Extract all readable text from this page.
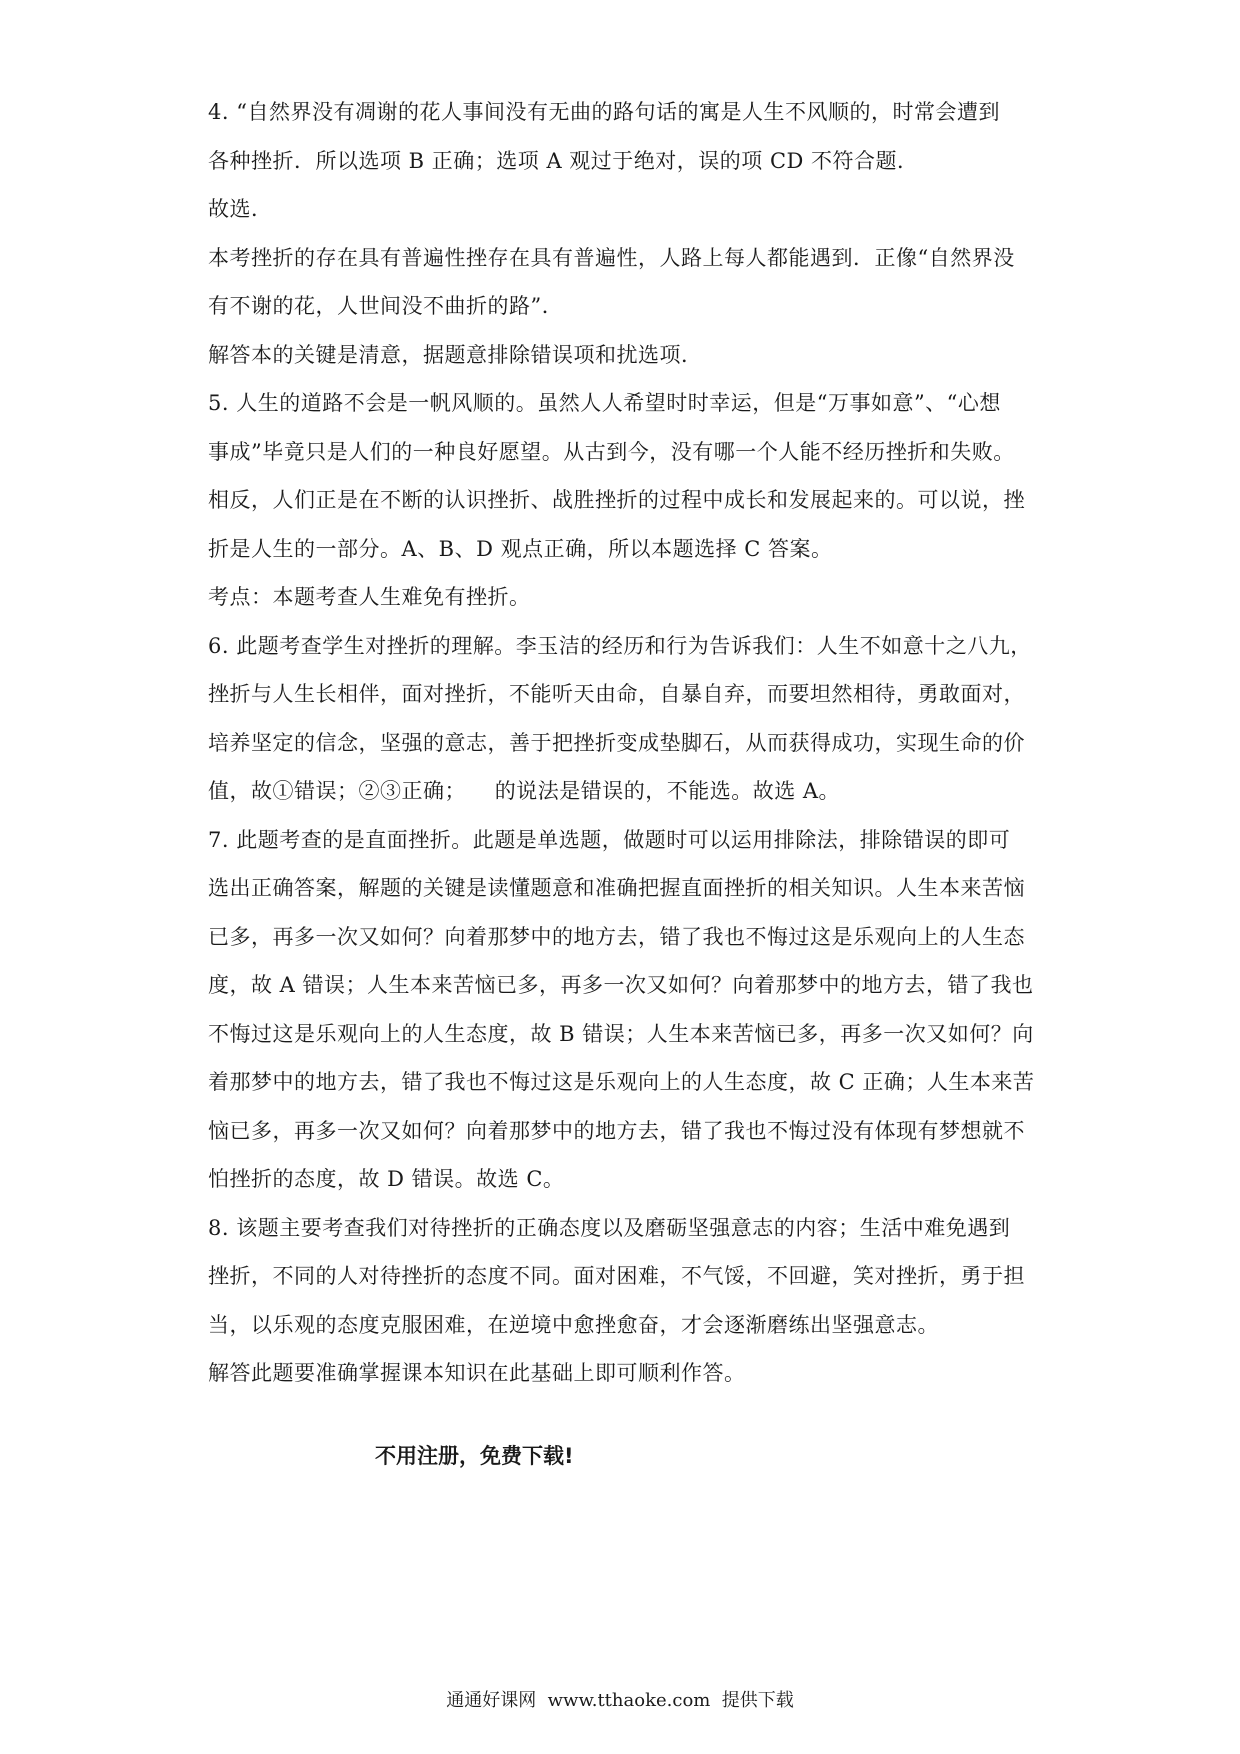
4. “自然界没有凋谢的花人事间没有无曲的路句话的寓是人生不风顺的，时常会遭到
各种挫折．所以选项 B 正确；选项 A 观过于绝对，误的项 CD 不符合题．
故选．
本考挫折的存在具有普遍性挫存在具有普遍性，人路上每人都能遇到．正像“自然界没
有不谢的花，人世间没不曲折的路”．
解答本的关键是清意，据题意排除错误项和扰选项．
5. 人生的道路不会是一帆风顺的。虽然人人希望时时幸运，但是“万事如意”、“心想
事成”毕竟只是人们的一种良好愿望。从古到今，没有哪一个人能不经历挫折和失败。
相反，人们正是在不断的认识挫折、战胜挫折的过程中成长和发展起来的。可以说，挫
折是人生的一部分。A、B、D 观点正确，所以本题选择 C 答案。
考点：本题考查人生难免有挫折。
6. 此题考查学生对挫折的理解。李玉洁的经历和行为告诉我们：人生不如意十之八九，
挫折与人生长相伴，面对挫折，不能听天由命，自暴自弃，而要坦然相待，勇敢面对，
培养坚定的信念，坚强的意志，善于把挫折变成垫脚石，从而获得成功，实现生命的价
值，故①错误；②③正确；    的说法是错误的，不能选。故选 A。
7. 此题考查的是直面挫折。此题是单选题，做题时可以运用排除法，排除错误的即可
选出正确答案，解题的关键是读懂题意和准确把握直面挫折的相关知识。人生本来苦恼
已多，再多一次又如何？向着那梦中的地方去，错了我也不悔过这是乐观向上的人生态
度，故 A 错误；人生本来苦恼已多，再多一次又如何？向着那梦中的地方去，错了我也
不悔过这是乐观向上的人生态度，故 B 错误；人生本来苦恼已多，再多一次又如何？向
着那梦中的地方去，错了我也不悔过这是乐观向上的人生态度，故 C 正确；人生本来苦
恼已多，再多一次又如何？向着那梦中的地方去，错了我也不悔过没有体现有梦想就不
怕挫折的态度，故 D 错误。故选 C。
8. 该题主要考查我们对待挫折的正确态度以及磨砺坚强意志的内容；生活中难免遇到
挫折，不同的人对待挫折的态度不同。面对困难，不气馁，不回避，笑对挫折，勇于担
当，以乐观的态度克服困难，在逆境中愈挫愈奋，才会逐渐磨练出坚强意志。
解答此题要准确掌握课本知识在此基础上即可顺利作答。
不用注册，免费下载!
通通好课网  www.tthaoke.com  提供下载
